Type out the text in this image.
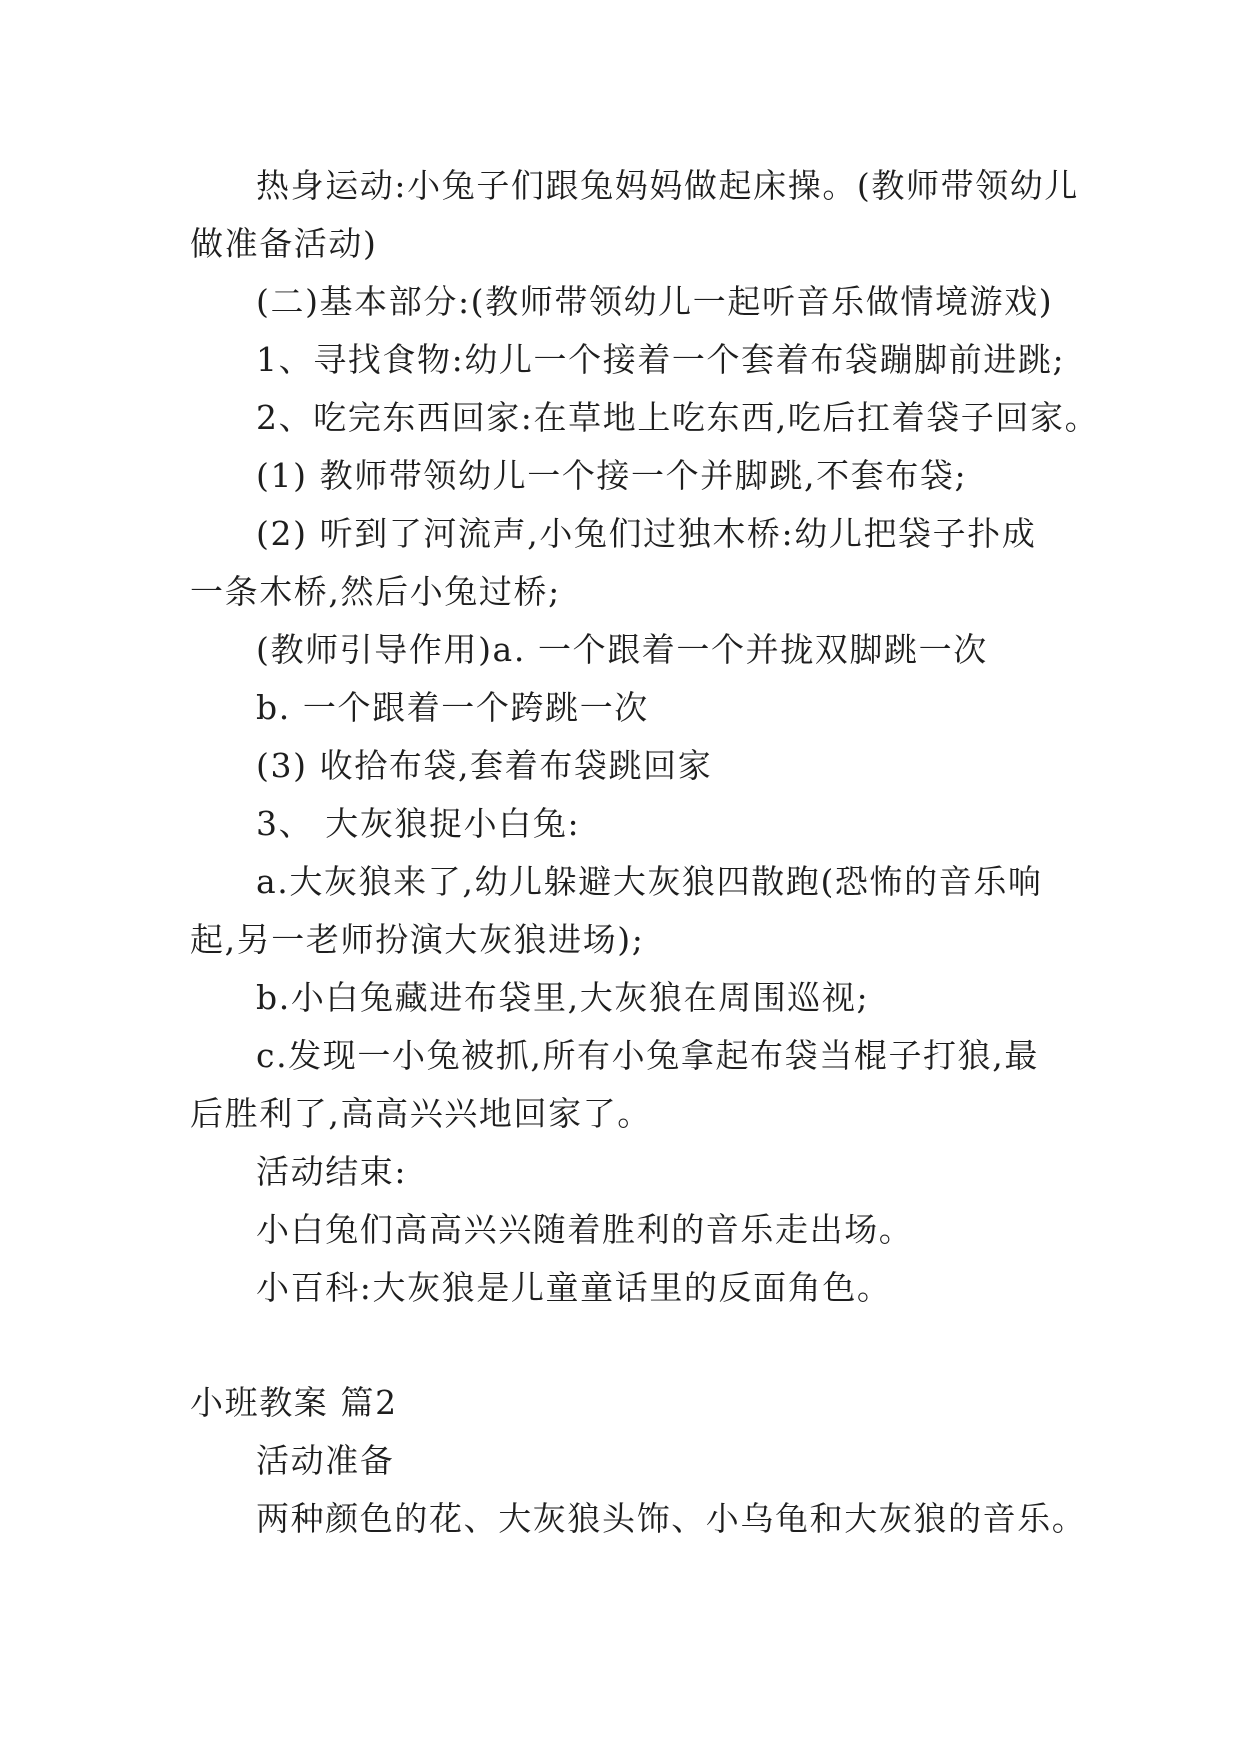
热身运动:小兔子们跟兔妈妈做起床操。(教师带领幼儿
做准备活动)
(二)基本部分:(教师带领幼儿一起听音乐做情境游戏)
1、寻找食物:幼儿一个接着一个套着布袋蹦脚前进跳;
2、吃完东西回家:在草地上吃东西,吃后扛着袋子回家。
(1) 教师带领幼儿一个接一个并脚跳,不套布袋;
(2) 听到了河流声,小兔们过独木桥:幼儿把袋子扑成
一条木桥,然后小兔过桥;
(教师引导作用)a. 一个跟着一个并拢双脚跳一次
b. 一个跟着一个跨跳一次
(3) 收拾布袋,套着布袋跳回家
3、 大灰狼捉小白兔:
a.大灰狼来了,幼儿躲避大灰狼四散跑(恐怖的音乐响
起,另一老师扮演大灰狼进场);
b.小白兔藏进布袋里,大灰狼在周围巡视;
c.发现一小兔被抓,所有小兔拿起布袋当棍子打狼,最
后胜利了,高高兴兴地回家了。
活动结束:
小白兔们高高兴兴随着胜利的音乐走出场。
小百科:大灰狼是儿童童话里的反面角色。
小班教案 篇2
活动准备
两种颜色的花、大灰狼头饰、小乌龟和大灰狼的音乐。
